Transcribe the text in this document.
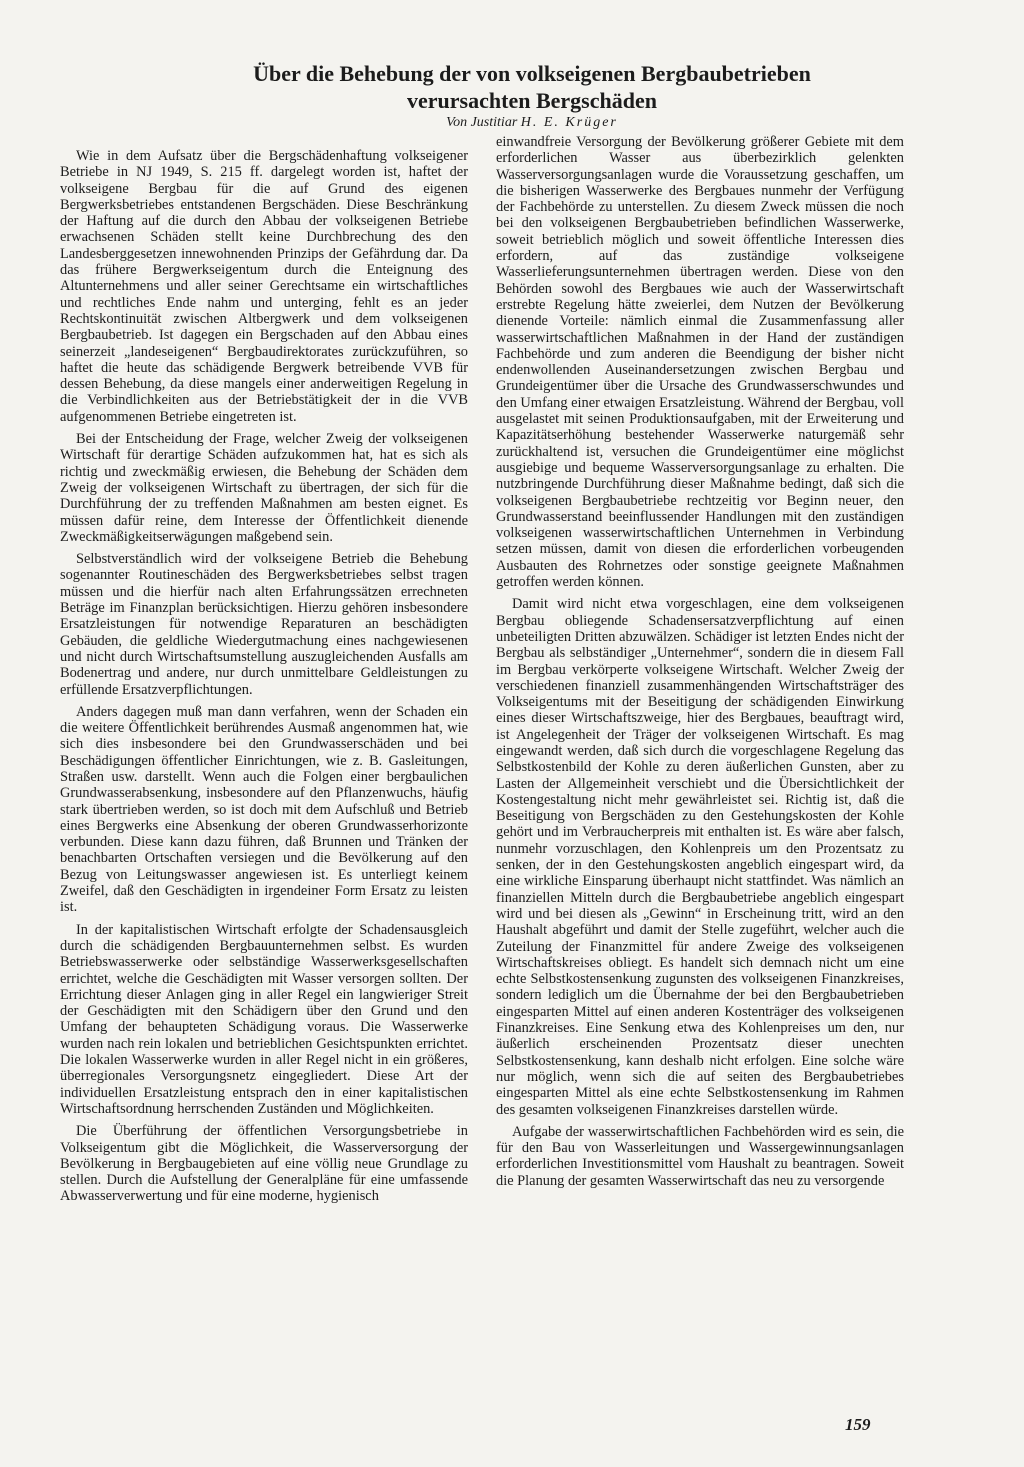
Über die Behebung der von volkseigenen Bergbaubetrieben
verursachten Bergschäden
Von Justitiar H. E. Krüger

Wie in dem Aufsatz über die Bergschädenhaftung volkseigener Betriebe in NJ 1949, S. 215 ff. dargelegt worden ist, haftet der volkseigene Bergbau für die auf Grund des eigenen Bergwerksbetriebes entstandenen Bergschäden. Diese Beschränkung der Haftung auf die durch den Abbau der volkseigenen Betriebe erwachsenen Schäden stellt keine Durchbrechung des den Landesberggesetzen innewohnenden Prinzips der Gefährdung dar. Da das frühere Bergwerkseigentum durch die Enteignung des Altunternehmens und aller seiner Gerechtsame ein wirtschaftliches und rechtliches Ende nahm und unterging, fehlt es an jeder Rechtskontinuität zwischen Altbergwerk und dem volkseigenen Bergbaubetrieb. Ist dagegen ein Bergschaden auf den Abbau eines seinerzeit „landeseigenen“ Bergbaudirektorates zurückzuführen, so haftet die heute das schädigende Bergwerk betreibende VVB für dessen Behebung, da diese mangels einer anderweitigen Regelung in die Verbindlichkeiten aus der Betriebstätigkeit der in die VVB aufgenommenen Betriebe eingetreten ist.

Bei der Entscheidung der Frage, welcher Zweig der volkseigenen Wirtschaft für derartige Schäden aufzukommen hat, hat es sich als richtig und zweckmäßig erwiesen, die Behebung der Schäden dem Zweig der volkseigenen Wirtschaft zu übertragen, der sich für die Durchführung der zu treffenden Maßnahmen am besten eignet. Es müssen dafür reine, dem Interesse der Öffentlichkeit dienende Zweckmäßigkeitserwägungen maßgebend sein.

Selbstverständlich wird der volkseigene Betrieb die Behebung sogenannter Routineschäden des Bergwerksbetriebes selbst tragen müssen und die hierfür nach alten Erfahrungssätzen errechneten Beträge im Finanzplan berücksichtigen. Hierzu gehören insbesondere Ersatzleistungen für notwendige Reparaturen an beschädigten Gebäuden, die geldliche Wiedergutmachung eines nachgewiesenen und nicht durch Wirtschaftsumstellung auszugleichenden Ausfalls am Bodenertrag und andere, nur durch unmittelbare Geldleistungen zu erfüllende Ersatzverpflichtungen.

Anders dagegen muß man dann verfahren, wenn der Schaden ein die weitere Öffentlichkeit berührendes Ausmaß angenommen hat, wie sich dies insbesondere bei den Grundwasserschäden und bei Beschädigungen öffentlicher Einrichtungen, wie z. B. Gasleitungen, Straßen usw. darstellt. Wenn auch die Folgen einer bergbaulichen Grundwasserabsenkung, insbesondere auf den Pflanzenwuchs, häufig stark übertrieben werden, so ist doch mit dem Aufschluß und Betrieb eines Bergwerks eine Absenkung der oberen Grundwasserhorizonte verbunden. Diese kann dazu führen, daß Brunnen und Tränken der benachbarten Ortschaften versiegen und die Bevölkerung auf den Bezug von Leitungswasser angewiesen ist. Es unterliegt keinem Zweifel, daß den Geschädigten in irgendeiner Form Ersatz zu leisten ist.

In der kapitalistischen Wirtschaft erfolgte der Schadensausgleich durch die schädigenden Bergbauunternehmen selbst. Es wurden Betriebswasserwerke oder selbständige Wasserwerksgesellschaften errichtet, welche die Geschädigten mit Wasser versorgen sollten. Der Errichtung dieser Anlagen ging in aller Regel ein langwieriger Streit der Geschädigten mit den Schädigern über den Grund und den Umfang der behaupteten Schädigung voraus. Die Wasserwerke wurden nach rein lokalen und betrieblichen Gesichtspunkten errichtet. Die lokalen Wasserwerke wurden in aller Regel nicht in ein größeres, überregionales Versorgungsnetz eingegliedert. Diese Art der individuellen Ersatzleistung entsprach den in einer kapitalistischen Wirtschaftsordnung herrschenden Zuständen und Möglichkeiten.

Die Überführung der öffentlichen Versorgungsbetriebe in Volkseigentum gibt die Möglichkeit, die Wasserversorgung der Bevölkerung in Bergbaugebieten auf eine völlig neue Grundlage zu stellen. Durch die Aufstellung der Generalpläne für eine umfassende Abwasserverwertung und für eine moderne, hygienisch

einwandfreie Versorgung der Bevölkerung größerer Gebiete mit dem erforderlichen Wasser aus überbezirklich gelenkten Wasserversorgungsanlagen wurde die Voraussetzung geschaffen, um die bisherigen Wasserwerke des Bergbaues nunmehr der Verfügung der Fachbehörde zu unterstellen. Zu diesem Zweck müssen die noch bei den volkseigenen Bergbaubetrieben befindlichen Wasserwerke, soweit betrieblich möglich und soweit öffentliche Interessen dies erfordern, auf das zuständige volkseigene Wasserlieferungsunternehmen übertragen werden. Diese von den Behörden sowohl des Bergbaues wie auch der Wasserwirtschaft erstrebte Regelung hätte zweierlei, dem Nutzen der Bevölkerung dienende Vorteile: nämlich einmal die Zusammenfassung aller wasserwirtschaftlichen Maßnahmen in der Hand der zuständigen Fachbehörde und zum anderen die Beendigung der bisher nicht endenwollenden Auseinandersetzungen zwischen Bergbau und Grundeigentümer über die Ursache des Grundwasserschwundes und den Umfang einer etwaigen Ersatzleistung. Während der Bergbau, voll ausgelastet mit seinen Produktionsaufgaben, mit der Erweiterung und Kapazitätserhöhung bestehender Wasserwerke naturgemäß sehr zurückhaltend ist, versuchen die Grundeigentümer eine möglichst ausgiebige und bequeme Wasserversorgungsanlage zu erhalten. Die nutzbringende Durchführung dieser Maßnahme bedingt, daß sich die volkseigenen Bergbaubetriebe rechtzeitig vor Beginn neuer, den Grundwasserstand beeinflussender Handlungen mit den zuständigen volkseigenen wasserwirtschaftlichen Unternehmen in Verbindung setzen müssen, damit von diesen die erforderlichen vorbeugenden Ausbauten des Rohrnetzes oder sonstige geeignete Maßnahmen getroffen werden können.

Damit wird nicht etwa vorgeschlagen, eine dem volkseigenen Bergbau obliegende Schadensersatzverpflichtung auf einen unbeteiligten Dritten abzuwälzen. Schädiger ist letzten Endes nicht der Bergbau als selbständiger „Unternehmer“, sondern die in diesem Fall im Bergbau verkörperte volkseigene Wirtschaft. Welcher Zweig der verschiedenen finanziell zusammenhängenden Wirtschaftsträger des Volkseigentums mit der Beseitigung der schädigenden Einwirkung eines dieser Wirtschaftszweige, hier des Bergbaues, beauftragt wird, ist Angelegenheit der Träger der volkseigenen Wirtschaft. Es mag eingewandt werden, daß sich durch die vorgeschlagene Regelung das Selbstkostenbild der Kohle zu deren äußerlichen Gunsten, aber zu Lasten der Allgemeinheit verschiebt und die Übersichtlichkeit der Kostengestaltung nicht mehr gewährleistet sei. Richtig ist, daß die Beseitigung von Bergschäden zu den Gestehungskosten der Kohle gehört und im Verbraucherpreis mit enthalten ist. Es wäre aber falsch, nunmehr vorzuschlagen, den Kohlenpreis um den Prozentsatz zu senken, der in den Gestehungskosten angeblich eingespart wird, da eine wirkliche Einsparung überhaupt nicht stattfindet. Was nämlich an finanziellen Mitteln durch die Bergbaubetriebe angeblich eingespart wird und bei diesen als „Gewinn“ in Erscheinung tritt, wird an den Haushalt abgeführt und damit der Stelle zugeführt, welcher auch die Zuteilung der Finanzmittel für andere Zweige des volkseigenen Wirtschaftskreises obliegt. Es handelt sich demnach nicht um eine echte Selbstkostensenkung zugunsten des volkseigenen Finanzkreises, sondern lediglich um die Übernahme der bei den Bergbaubetrieben eingesparten Mittel auf einen anderen Kostenträger des volkseigenen Finanzkreises. Eine Senkung etwa des Kohlenpreises um den, nur äußerlich erscheinenden Prozentsatz dieser unechten Selbstkostensenkung, kann deshalb nicht erfolgen. Eine solche wäre nur möglich, wenn sich die auf seiten des Bergbaubetriebes eingesparten Mittel als eine echte Selbstkostensenkung im Rahmen des gesamten volkseigenen Finanzkreises darstellen würde.

Aufgabe der wasserwirtschaftlichen Fachbehörden wird es sein, die für den Bau von Wasserleitungen und Wassergewinnungsanlagen erforderlichen Investitionsmittel vom Haushalt zu beantragen. Soweit die Planung der gesamten Wasserwirtschaft das neu zu versorgende

159
